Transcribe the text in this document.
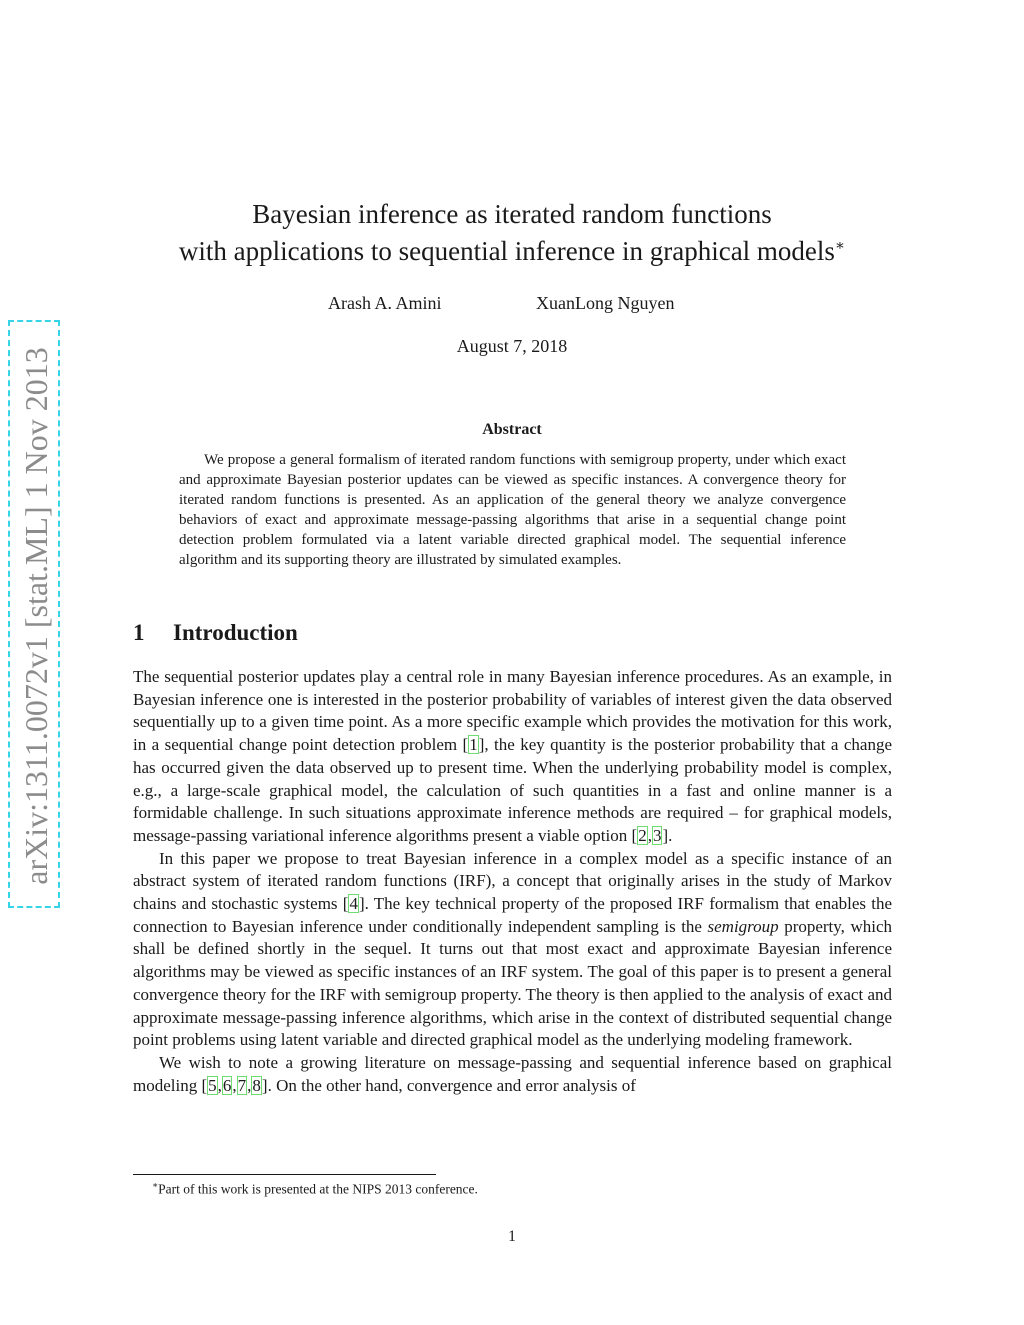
arXiv:1311.0072v1 [stat.ML] 1 Nov 2013
Bayesian inference as iterated random functions
with applications to sequential inference in graphical models∗
Arash A. Amini	XuanLong Nguyen
August 7, 2018
Abstract

We propose a general formalism of iterated random functions with semigroup property, under which exact and approximate Bayesian posterior updates can be viewed as specific instances. A convergence theory for iterated random functions is presented. As an application of the general theory we analyze convergence behaviors of exact and approximate message-passing algorithms that arise in a sequential change point detection problem formulated via a latent variable directed graphical model. The sequential inference algorithm and its supporting theory are illustrated by simulated examples.

1 Introduction

The sequential posterior updates play a central role in many Bayesian inference procedures. As an example, in Bayesian inference one is interested in the posterior probability of variables of interest given the data observed sequentially up to a given time point. As a more specific example which provides the motivation for this work, in a sequential change point detection problem [1], the key quantity is the posterior probability that a change has occurred given the data observed up to present time. When the underlying probability model is complex, e.g., a large-scale graphical model, the calculation of such quantities in a fast and online manner is a formidable challenge. In such situations approximate inference methods are required – for graphical models, message-passing variational inference algorithms present a viable option [2,3].

In this paper we propose to treat Bayesian inference in a complex model as a specific instance of an abstract system of iterated random functions (IRF), a concept that originally arises in the study of Markov chains and stochastic systems [4]. The key technical property of the proposed IRF formalism that enables the connection to Bayesian inference under conditionally independent sampling is the semigroup property, which shall be defined shortly in the sequel. It turns out that most exact and approximate Bayesian inference algorithms may be viewed as specific instances of an IRF system. The goal of this paper is to present a general convergence theory for the IRF with semigroup property. The theory is then applied to the analysis of exact and approximate message-passing inference algorithms, which arise in the context of distributed sequential change point problems using latent variable and directed graphical model as the underlying modeling framework.

We wish to note a growing literature on message-passing and sequential inference based on graphical modeling [5,6,7,8]. On the other hand, convergence and error analysis of

∗Part of this work is presented at the NIPS 2013 conference.
1
